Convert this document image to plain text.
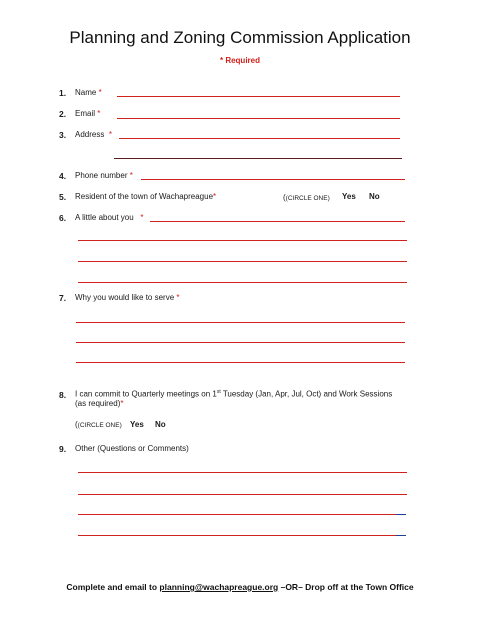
Planning and Zoning Commission Application
* Required
1. Name *
2. Email *
3. Address *
4. Phone number *
5. Resident of the town of Wachapreague*	((CIRCLE ONE) Yes No
6. A little about you *
7. Why you would like to serve *
8. I can commit to Quarterly meetings on 1st Tuesday (Jan, Apr, Jul, Oct) and Work Sessions
(as required)*
((CIRCLE ONE) Yes No
9. Other (Questions or Comments)
Complete and email to planning@wachapreague.org –OR– Drop off at the Town Office
